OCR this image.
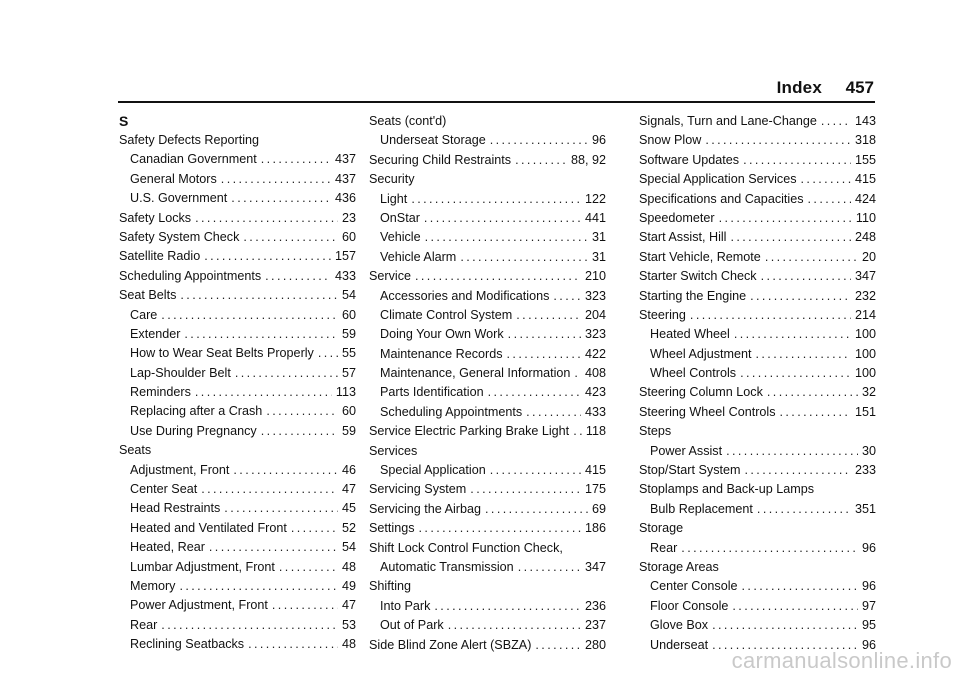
Index 457
S
Safety Defects Reporting
Canadian Government .....	437
General Motors .....	437
U.S. Government .....	436
Safety Locks .....	23
Safety System Check .....	60
Satellite Radio .....	157
Scheduling Appointments .....	433
Seat Belts .....	54
Care .....	60
Extender .....	59
How to Wear Seat Belts Properly ..... 55
Lap-Shoulder Belt .....	57
Reminders .....	113
Replacing after a Crash .....	60
Use During Pregnancy .....	59
Seats
Adjustment, Front .....	46
Center Seat .....	47
Head Restraints .....	45
Heated and Ventilated Front .....	52
Heated, Rear .....	54
Lumbar Adjustment, Front .....	48
Memory .....	49
Power Adjustment, Front .....	47
Rear .....	53
Reclining Seatbacks .....	48
Seats (cont'd)
Underseat Storage .....	96
Securing Child Restraints .....	88, 92
Security
Light .....	122
OnStar .....	441
Vehicle .....	31
Vehicle Alarm .....	31
Service .....	210
Accessories and Modifications .....	323
Climate Control System .....	204
Doing Your Own Work .....	323
Maintenance Records .....	422
Maintenance, General Information ..... 408
Parts Identification .....	423
Scheduling Appointments .....	433
Service Electric Parking Brake Light ..... 118
Services
Special Application .....	415
Servicing System .....	175
Servicing the Airbag .....	69
Settings .....	186
Shift Lock Control Function Check,
Automatic Transmission .....	347
Shifting
Into Park .....	236
Out of Park .....	237
Side Blind Zone Alert (SBZA) .....	280
Signals, Turn and Lane-Change .....	143
Snow Plow .....	318
Software Updates .....	155
Special Application Services .....	415
Specifications and Capacities .....	424
Speedometer .....	110
Start Assist, Hill .....	248
Start Vehicle, Remote .....	20
Starter Switch Check .....	347
Starting the Engine .....	232
Steering .....	214
Heated Wheel .....	100
Wheel Adjustment .....	100
Wheel Controls .....	100
Steering Column Lock .....	32
Steering Wheel Controls .....	151
Steps
Power Assist .....	30
Stop/Start System .....	233
Stoplamps and Back-up Lamps
Bulb Replacement .....	351
Storage
Rear .....	96
Storage Areas
Center Console .....	96
Floor Console .....	97
Glove Box .....	95
Underseat .....	96
carmanualsonline.info
